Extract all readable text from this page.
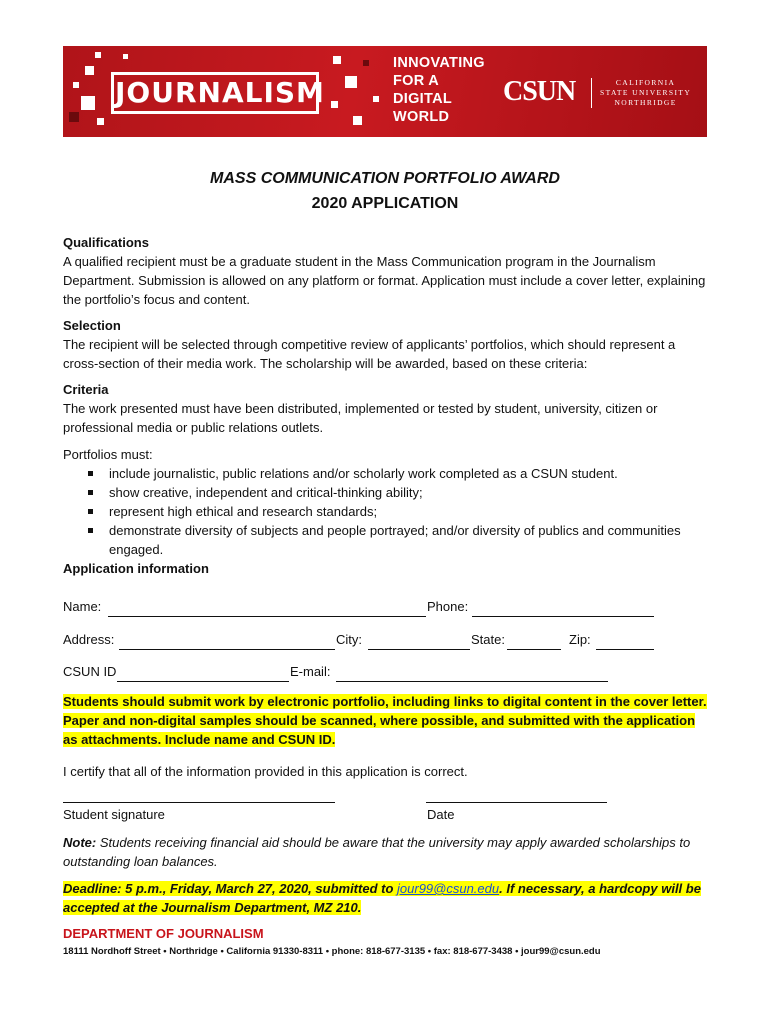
JOURNALISM
INNOVATING
FOR A
DIGITAL
WORLD
CSUN	CALIFORNIA
STATE UNIVERSITY
NORTHRIDGE
MASS COMMUNICATION PORTFOLIO AWARD
2020 APPLICATION
Qualifications

A qualified recipient must be a graduate student in the Mass Communication program in the Journalism Department. Submission is allowed on any platform or format. Application must include a cover letter, explaining the portfolio’s focus and content.

Selection

The recipient will be selected through competitive review of applicants’ portfolios, which should represent a cross-section of their media work. The scholarship will be awarded, based on these criteria:

Criteria

The work presented must have been distributed, implemented or tested by student, university, citizen or professional media or public relations outlets.

Portfolios must:
include journalistic, public relations and/or scholarly work completed as a CSUN student.
show creative, independent and critical-thinking ability;
represent high ethical and research standards;
demonstrate diversity of subjects and people portrayed; and/or diversity of publics and communities engaged.
Application information
Name:	Phone:
Address:	City:	State:	Zip:
CSUN ID	E-mail:
Students should submit work by electronic portfolio, including links to digital content in the cover letter. Paper and non-digital samples should be scanned, where possible, and submitted with the application as attachments. Include name and CSUN ID.
I certify that all of the information provided in this application is correct.
Student signature	Date
Note: Students receiving financial aid should be aware that the university may apply awarded scholarships to outstanding loan balances.
Deadline: 5 p.m., Friday, March 27, 2020, submitted to jour99@csun.edu. If necessary, a hardcopy will be accepted at the Journalism Department, MZ 210.
DEPARTMENT OF JOURNALISM
18111 Nordhoff Street • Northridge • California 91330-8311 • phone: 818-677-3135 • fax: 818-677-3438 • jour99@csun.edu
